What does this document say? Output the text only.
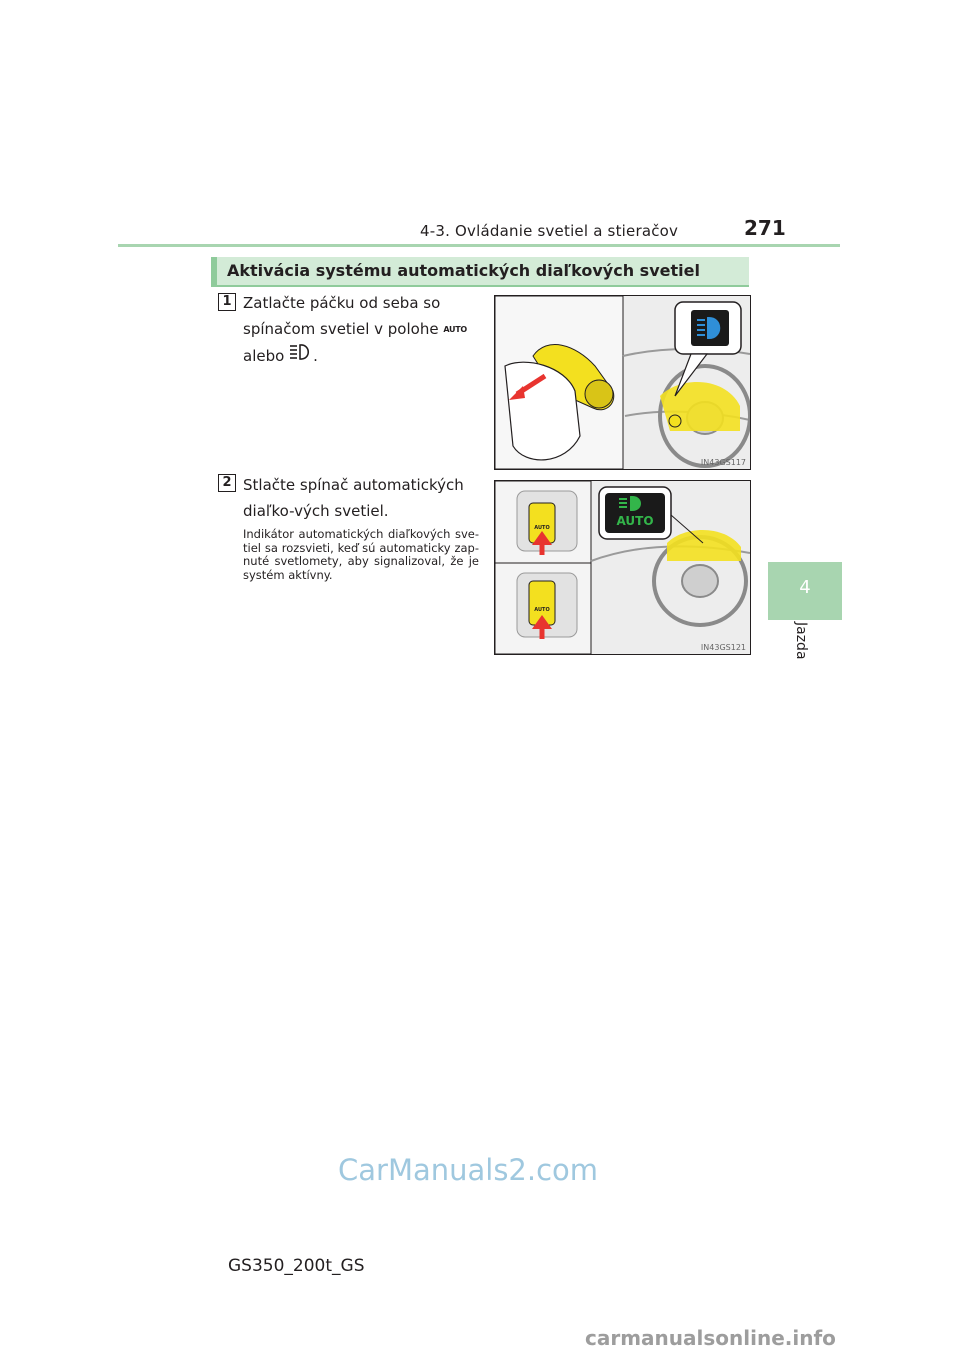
4-3. Ovládanie svetiel a stieračov	271
4
Jazda
Aktivácia systému automatických diaľkových svetiel
1 Zatlačte páčku od seba so spínačom svetiel v polohe AUTO alebo .
IN43GS117
2 Stlačte spínač automatických diaľko-vých svetiel.
Indikátor automatických diaľkových sve-tiel sa rozsvieti, keď sú automaticky zap-nuté svetlomety, aby signalizoval, že je systém aktívny.
AUTO
AUTO
AUTO
IN43GS121
CarManuals2.com
GS350_200t_GS
carmanualsonline.info
